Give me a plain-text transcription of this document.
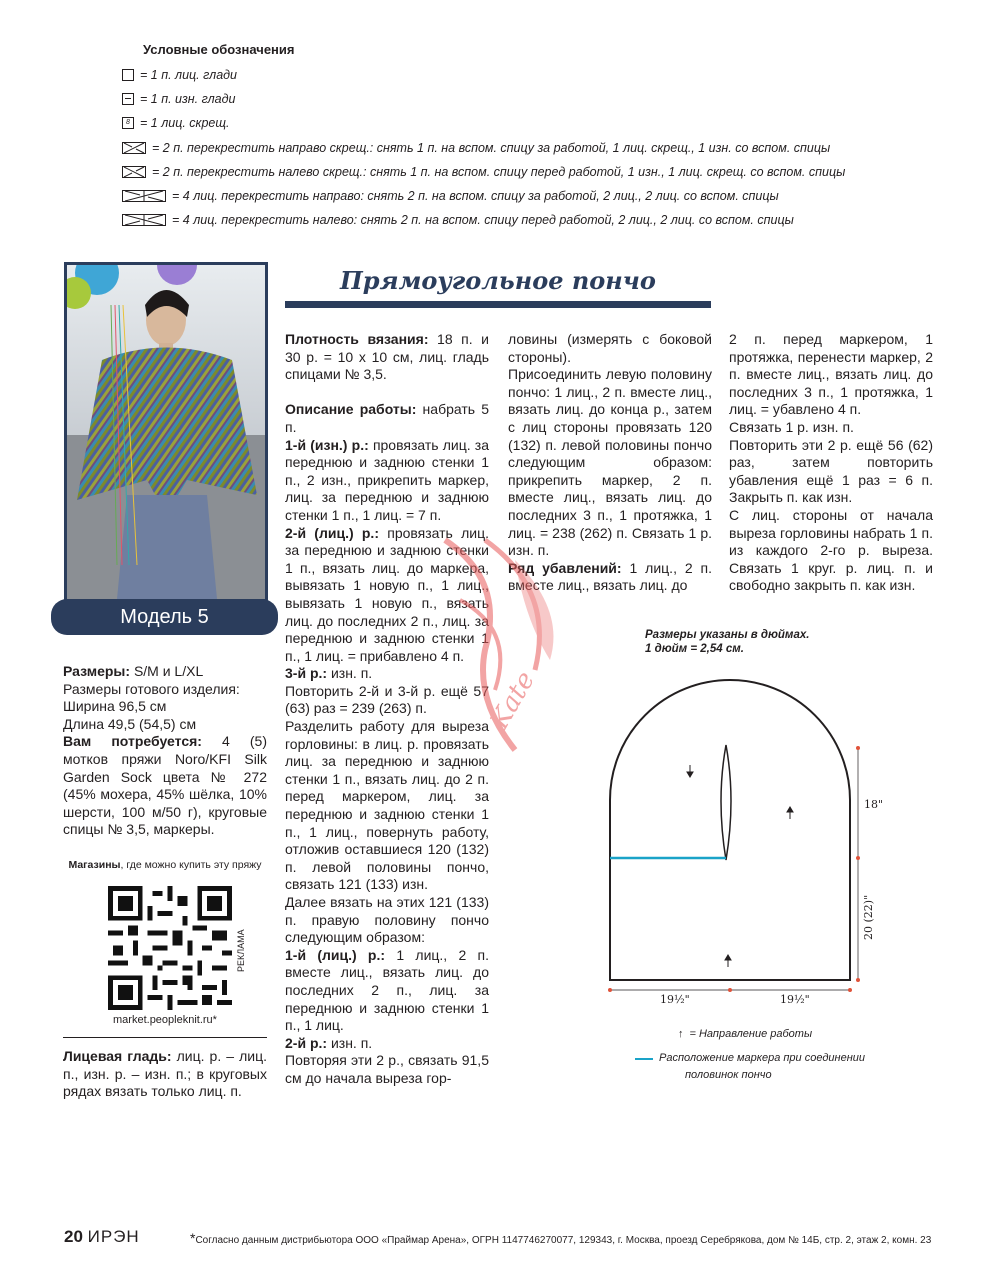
Условные обозначения
= 1 п. лиц. глади
= 1 п. изн. глади
8 = 1 лиц. скрещ.
= 2 п. перекрестить направо скрещ.: снять 1 п. на вспом. спицу за работой, 1 лиц. скрещ., 1 изн. со вспом. спицы
= 2 п. перекрестить налево скрещ.: снять 1 п. на вспом. спицу перед работой, 1 изн., 1 лиц. скрещ. со вспом. спицы
= 4 лиц. перекрестить направо: снять 2 п. на вспом. спицу за работой, 2 лиц., 2 лиц. со вспом. спицы
= 4 лиц. перекрестить налево: снять 2 п. на вспом. спицу перед работой, 2 лиц., 2 лиц. со вспом. спицы
Модель 5
Прямоугольное пончо

Размеры: S/M и L/XL

Размеры готового изделия:

Ширина 96,5 см

Длина 49,5 (54,5) см

Вам потребуется: 4 (5) мотков пряжи Noro/KFI Silk Garden Sock цвета № 272 (45% мохера, 45% шёлка, 10% шерсти, 100 м/50 г), круговые спицы № 3,5, маркеры.

Магазины, где можно купить эту пряжу
РЕКЛАМА
market.peopleknit.ru*

Лицевая гладь: лиц. р. – лиц. п., изн. р. – изн. п.; в круговых рядах вязать только лиц. п.

Плотность вязания: 18 п. и 30 р. = 10 х 10 см, лиц. гладь спицами № 3,5.

Описание работы: набрать 5 п.

1-й (изн.) р.: провязать лиц. за переднюю и заднюю стенки 1 п., 2 изн., прикрепить маркер, лиц. за переднюю и заднюю стенки 1 п., 1 лиц. = 7 п.

2-й (лиц.) р.: провязать лиц. за переднюю и заднюю стенки 1 п., вязать лиц. до маркера, вывязать 1 новую п., 1 лиц., вывязать 1 новую п., вязать лиц. до последних 2 п., лиц. за переднюю и заднюю стенки 1 п., 1 лиц. = прибавлено 4 п.

3-й р.: изн. п.

Повторить 2-й и 3-й р. ещё 57 (63) раз = 239 (263) п.

Разделить работу для выреза горловины: в лиц. р. провязать лиц. за переднюю и заднюю стенки 1 п., вязать лиц. до 2 п. перед маркером, лиц. за переднюю и заднюю стенки 1 п., 1 лиц., повернуть работу, отложив оставшиеся 120 (132) п. левой половины пончо, связать 121 (133) изн.

Далее вязать на этих 121 (133) п. правую половину пончо следующим образом:

1-й (лиц.) р.: 1 лиц., 2 п. вместе лиц., вязать лиц. до последних 2 п., лиц. за переднюю и заднюю стенки 1 п., 1 лиц.

2-й р.: изн. п.

Повторяя эти 2 р., связать 91,5 см до начала выреза гор-

ловины (измерять с боковой стороны).

Присоединить левую половину пончо: 1 лиц., 2 п. вместе лиц., вязать лиц. до конца р., затем с лиц стороны провязать 120 (132) п. левой половины пончо следующим образом: прикрепить маркер, 2 п. вместе лиц., вязать лиц. до последних 3 п., 1 протяжка, 1 лиц. = 238 (262) п. Связать 1 р. изн. п.

Ряд убавлений: 1 лиц., 2 п. вместе лиц., вязать лиц. до

2 п. перед маркером, 1 протяжка, перенести маркер, 2 п. вместе лиц., вязать лиц. до последних 3 п., 1 протяжка, 1 лиц. = убавлено 4 п.

Связать 1 р. изн. п.

Повторить эти 2 р. ещё 56 (62) раз, затем повторить убавления ещё 1 раз = 6 п. Закрыть п. как изн.

С лиц. стороны от начала выреза горловины набрать 1 п. из каждого 2-го р. выреза. Связать 1 круг. р. лиц. п. и свободно закрыть п. как изн.

Kate
Размеры указаны в дюймах.
1 дюйм = 2,54 см.
18"
20 (22)"
19½"	19½"
↑ = Направление работы
Расположение маркера при соединении
половинок пончо
20 ИРЭН	*Согласно данным дистрибьютора ООО «Праймар Арена», ОГРН 1147746270077, 129343, г. Москва, проезд Серебрякова, дом № 14Б, стр. 2, этаж 2, комн. 23
